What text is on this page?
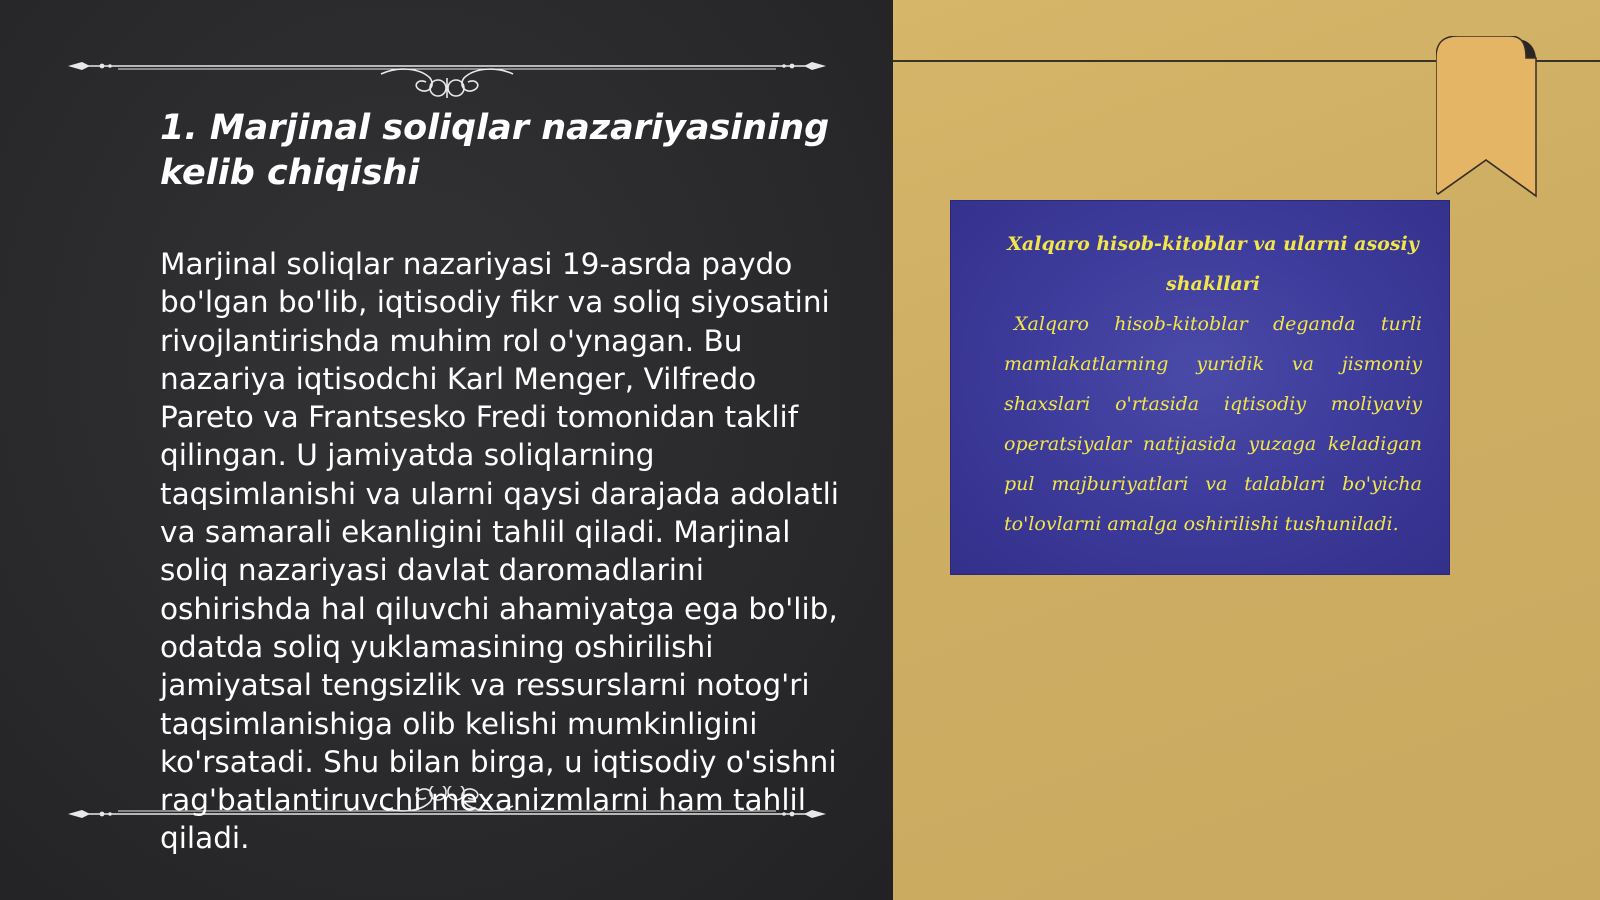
1. Marjinal soliqlar nazariyasining kelib chiqishi

Marjinal soliqlar nazariyasi 19-asrda paydo bo'lgan bo'lib, iqtisodiy fikr va soliq siyosatini rivojlantirishda muhim rol o'ynagan. Bu nazariya iqtisodchi Karl Menger, Vilfredo Pareto va Frantsesko Fredi tomonidan taklif qilingan. U jamiyatda soliqlarning taqsimlanishi va ularni qaysi darajada adolatli va samarali ekanligini tahlil qiladi. Marjinal soliq nazariyasi davlat daromadlarini oshirishda hal qiluvchi ahamiyatga ega bo'lib, odatda soliq yuklamasining oshirilishi jamiyatsal tengsizlik va ressurslarni notog'ri taqsimlanishiga olib kelishi mumkinligini ko'rsatadi. Shu bilan birga, u iqtisodiy o'sishni rag'batlantiruvchi mexanizmlarni ham tahlil qiladi.

Xalqaro hisob-kitoblar va ularni asosiy shakllari

Xalqaro hisob-kitoblar deganda turli mamlakatlarning yuridik va jismoniy shaxslari o'rtasida iqtisodiy moliyaviy operatsiyalar natijasida yuzaga keladigan pul majburiyatlari va talablari bo'yicha to'lovlarni amalga oshirilishi tushuniladi.
